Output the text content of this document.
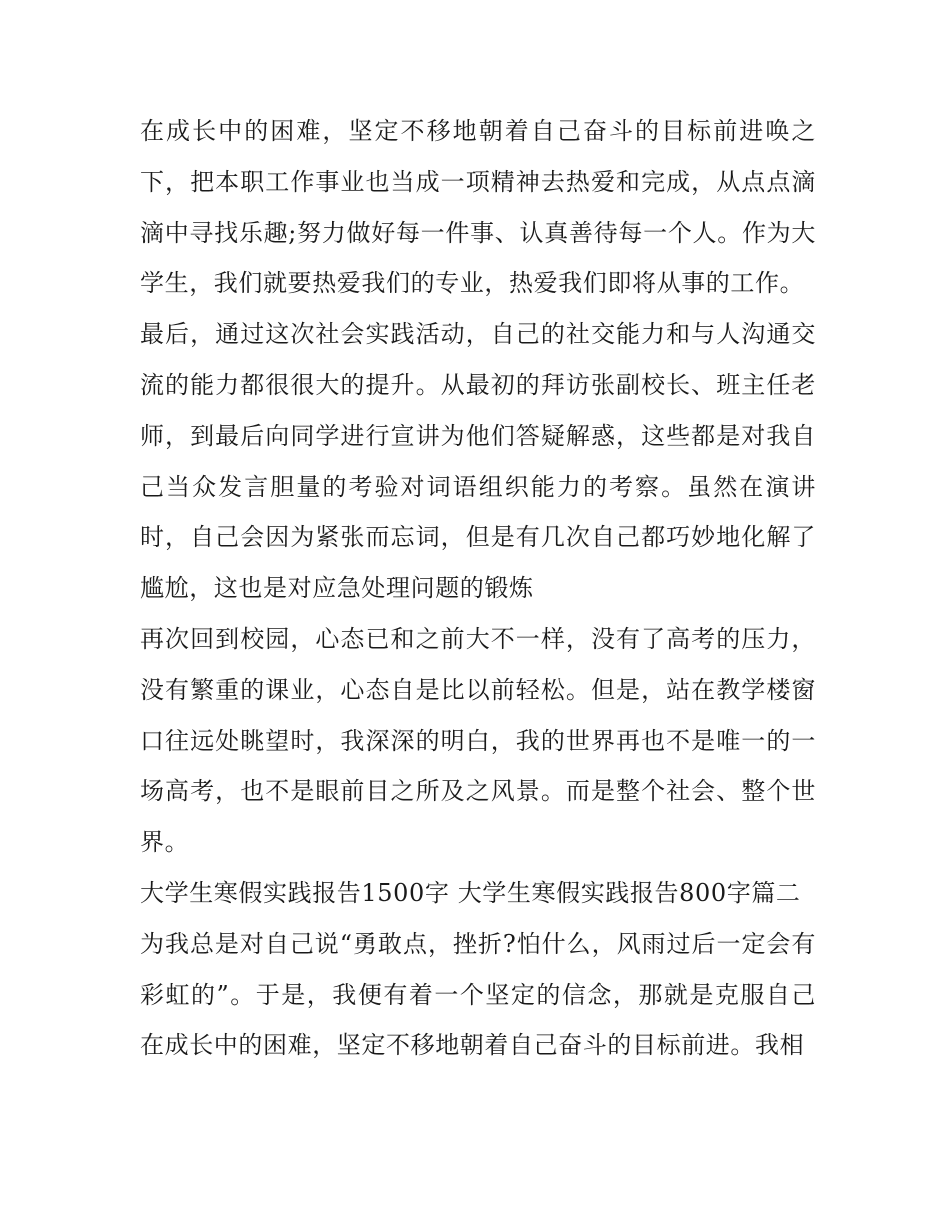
在成长中的困难，坚定不移地朝着自己奋斗的目标前进唤之下，把本职工作事业也当成一项精神去热爱和完成，从点点滴滴中寻找乐趣;努力做好每一件事、认真善待每一个人。作为大学生，我们就要热爱我们的专业，热爱我们即将从事的工作。

最后，通过这次社会实践活动，自己的社交能力和与人沟通交流的能力都很很大的提升。从最初的拜访张副校长、班主任老师，到最后向同学进行宣讲为他们答疑解惑，这些都是对我自己当众发言胆量的考验对词语组织能力的考察。虽然在演讲时，自己会因为紧张而忘词，但是有几次自己都巧妙地化解了尴尬，这也是对应急处理问题的锻炼

再次回到校园，心态已和之前大不一样，没有了高考的压力，没有繁重的课业，心态自是比以前轻松。但是，站在教学楼窗口往远处眺望时，我深深的明白，我的世界再也不是唯一的一场高考，也不是眼前目之所及之风景。而是整个社会、整个世界。

大学生寒假实践报告1500字 大学生寒假实践报告800字篇二

为我总是对自己说“勇敢点，挫折?怕什么，风雨过后一定会有彩虹的”。于是，我便有着一个坚定的信念，那就是克服自己在成长中的困难，坚定不移地朝着自己奋斗的目标前进。我相
